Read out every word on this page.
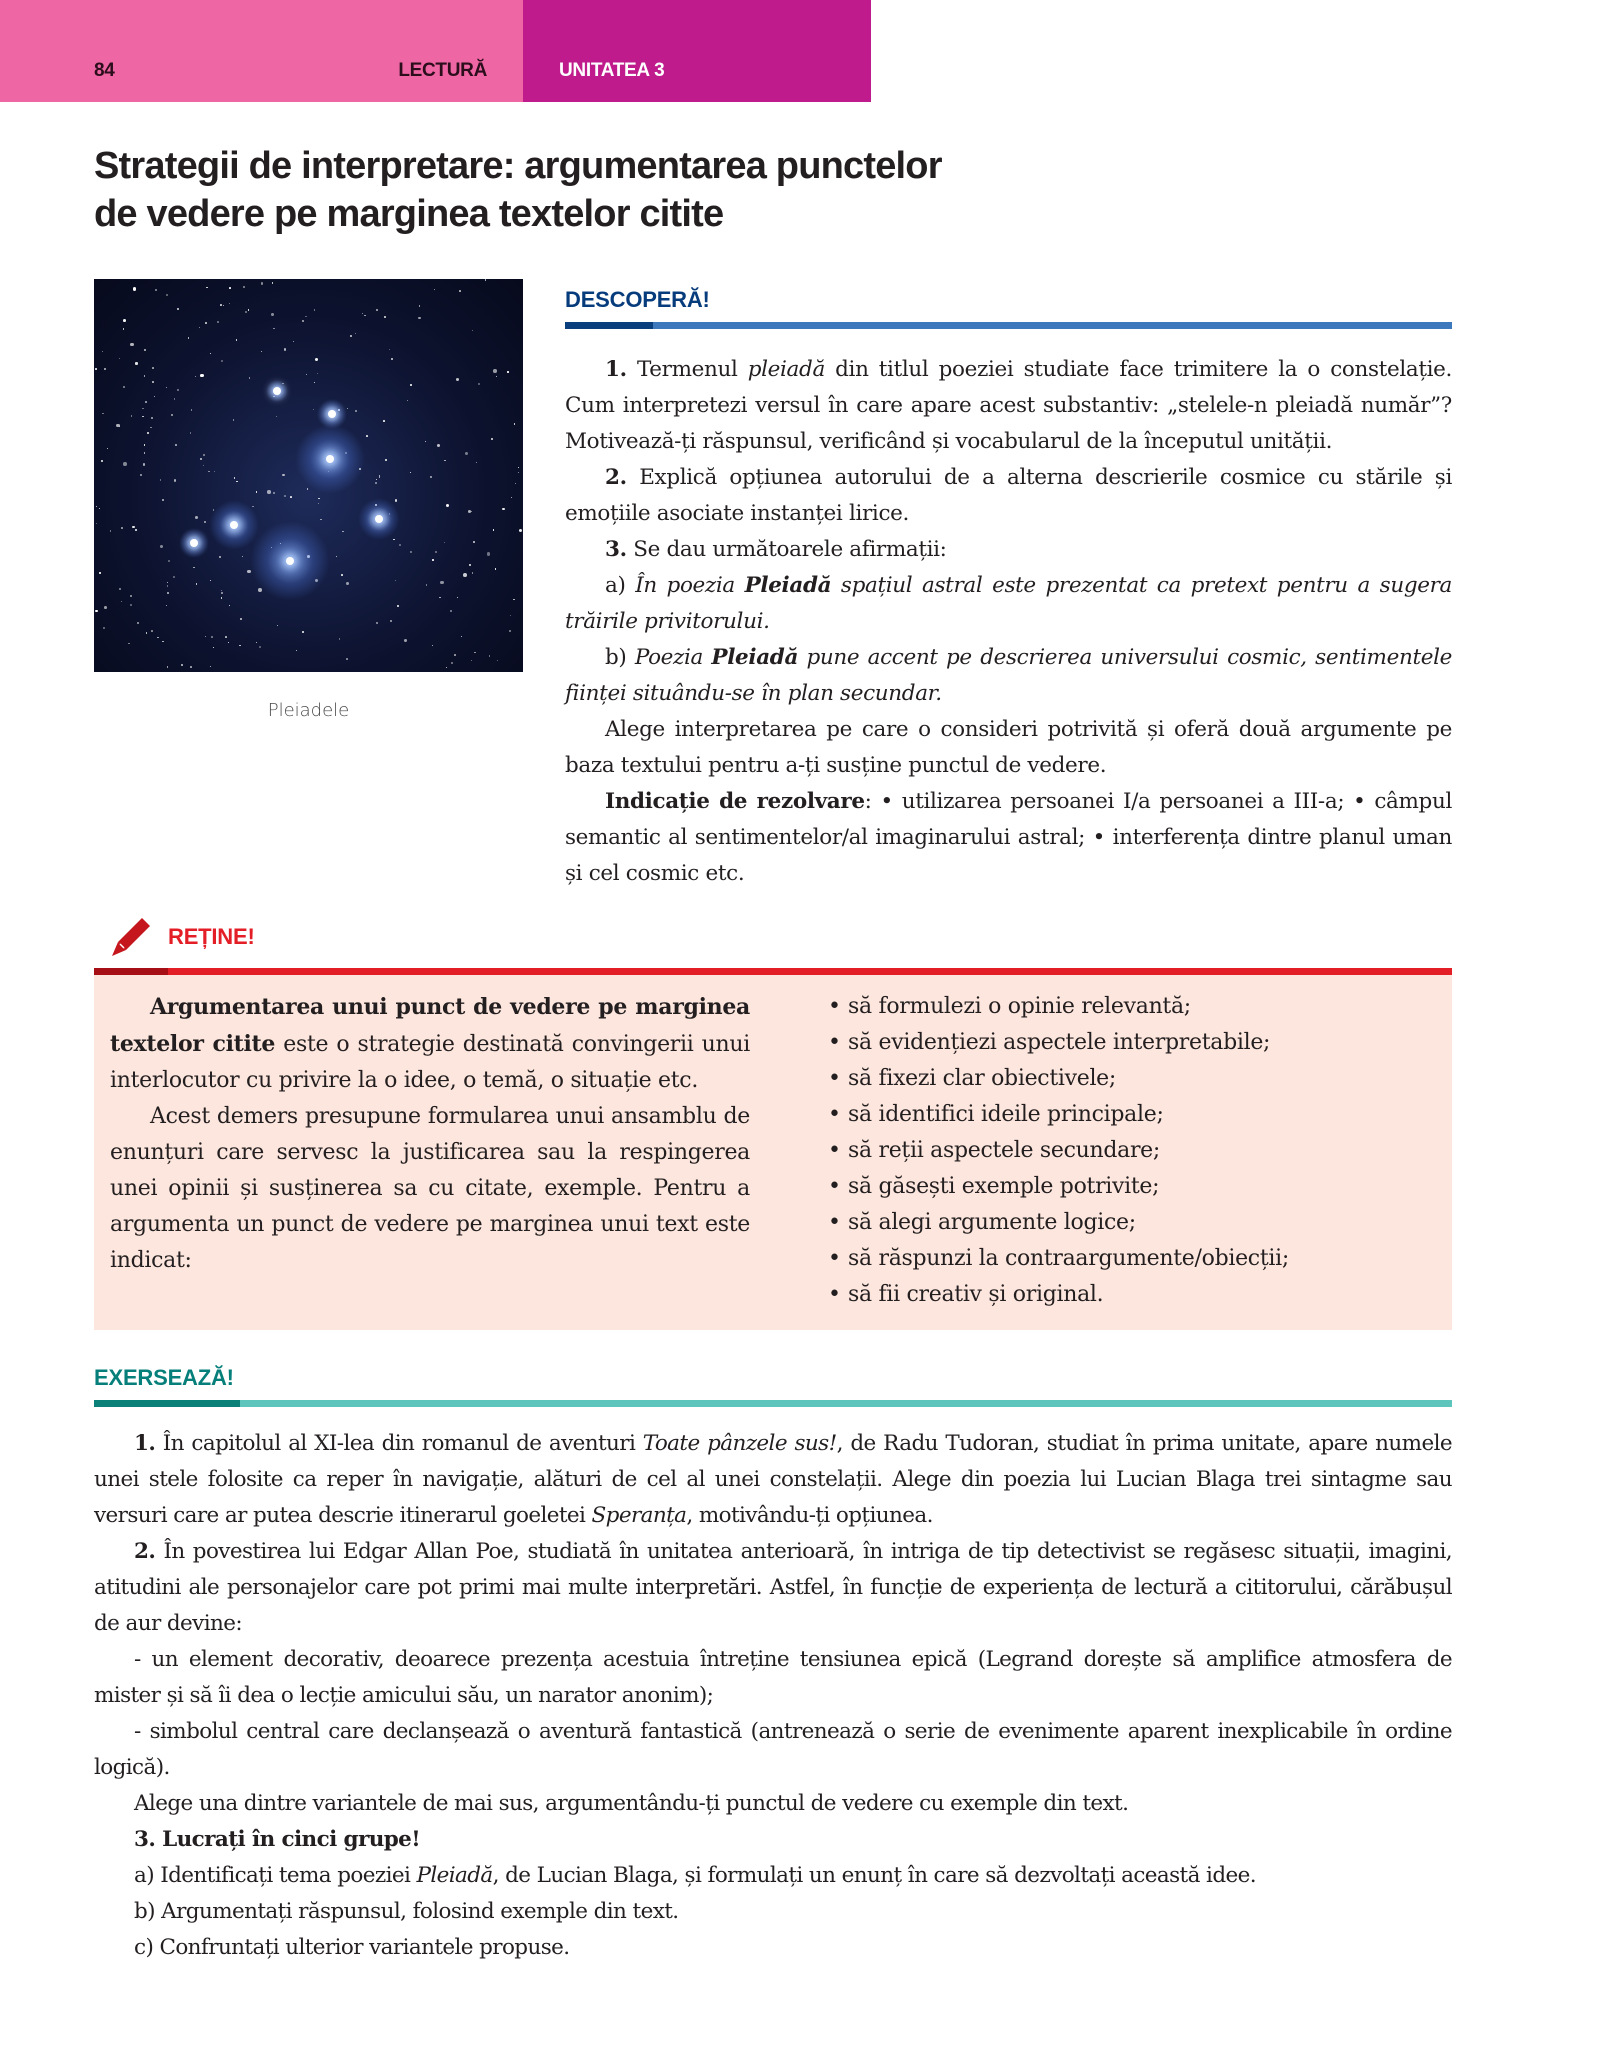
84	LECTURĂ	UNITATEA 3
Strategii de interpretare: argumentarea punctelor
de vedere pe marginea textelor citite
Pleiadele
DESCOPERĂ!

1. Termenul pleiadă din titlul poeziei studiate face trimitere la o constelație. Cum interpretezi versul în care apare acest substantiv: „stelele-n pleiadă număr”? Motivează-ți răspunsul, verificând și vocabularul de la începutul unității.

2. Explică opțiunea autorului de a alterna descrierile cosmice cu stările și emoțiile asociate instanței lirice.

3. Se dau următoarele afirmații:

a) În poezia Pleiadă spațiul astral este prezentat ca pretext pentru a sugera trăirile privitorului.

b) Poezia Pleiadă pune accent pe descrierea universului cosmic, sentimentele ființei situându-se în plan secundar.

Alege interpretarea pe care o consideri potrivită și oferă două argumente pe baza textului pentru a-ți susține punctul de vedere.

Indicație de rezolvare: • utilizarea persoanei I/a persoanei a III-a; • câmpul semantic al sentimentelor/al imaginarului astral; • interferența dintre planul uman și cel cosmic etc.

REȚINE!

Argumentarea unui punct de vedere pe marginea textelor citite este o strategie destinată convingerii unui interlocutor cu privire la o idee, o temă, o situație etc.

Acest demers presupune formularea unui ansamblu de enunțuri care servesc la justificarea sau la respingerea unei opinii și susținerea sa cu citate, exemple. Pentru a argumenta un punct de vedere pe marginea unui text este indicat:

• să formulezi o opinie relevantă;
• să evidențiezi aspectele interpretabile;
• să fixezi clar obiectivele;
• să identifici ideile principale;
• să reții aspectele secundare;
• să găsești exemple potrivite;
• să alegi argumente logice;
• să răspunzi la contraargumente/obiecții;
• să fii creativ și original.
EXERSEAZĂ!

1. În capitolul al XI-lea din romanul de aventuri Toate pânzele sus!, de Radu Tudoran, studiat în prima unitate, apare numele unei stele folosite ca reper în navigație, alături de cel al unei constelații. Alege din poezia lui Lucian Blaga trei sintagme sau versuri care ar putea descrie itinerarul goeletei Speranța, motivându-ți opțiunea.

2. În povestirea lui Edgar Allan Poe, studiată în unitatea anterioară, în intriga de tip detectivist se regăsesc situații, imagini, atitudini ale personajelor care pot primi mai multe interpretări. Astfel, în funcție de experiența de lectură a cititorului, cărăbușul de aur devine:

- un element decorativ, deoarece prezența acestuia întreține tensiunea epică (Legrand dorește să amplifice atmosfera de mister și să îi dea o lecție amicului său, un narator anonim);

- simbolul central care declanșează o aventură fantastică (antrenează o serie de evenimente aparent inexplicabile în ordine logică).

Alege una dintre variantele de mai sus, argumentându-ți punctul de vedere cu exemple din text.

3. Lucrați în cinci grupe!

a) Identificați tema poeziei Pleiadă, de Lucian Blaga, și formulați un enunț în care să dezvoltați această idee.

b) Argumentați răspunsul, folosind exemple din text.

c) Confruntați ulterior variantele propuse.
